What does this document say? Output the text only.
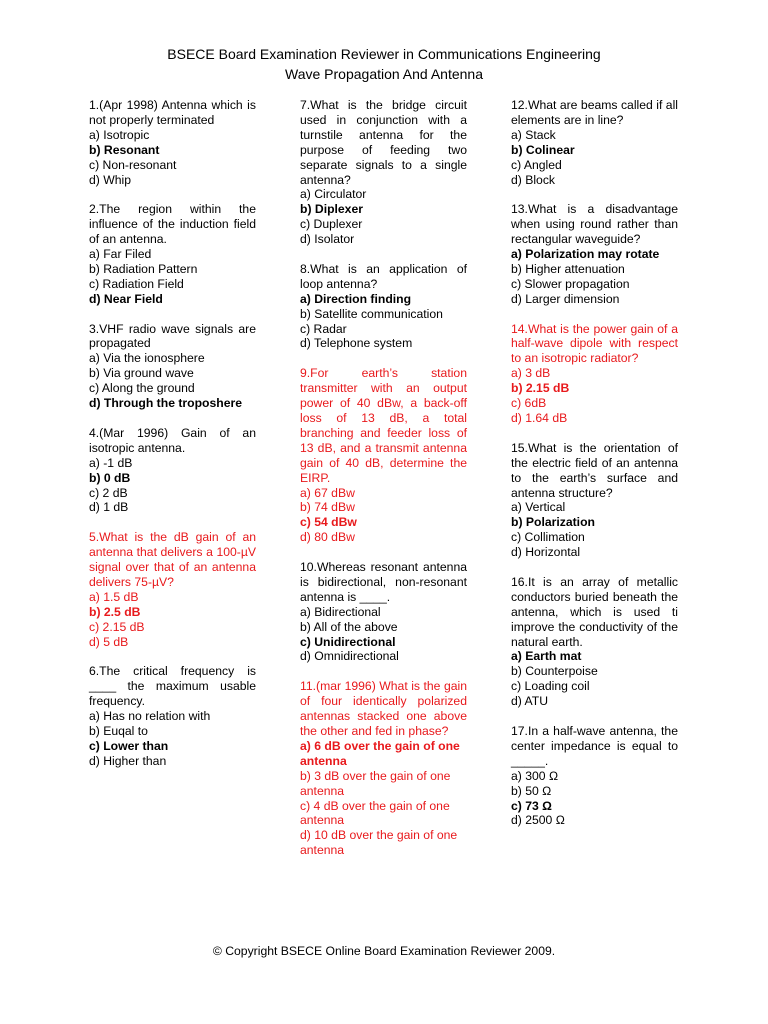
BSECE Board Examination Reviewer in Communications Engineering
Wave Propagation And Antenna
1.(Apr 1998) Antenna which is not properly terminated
a) Isotropic
b) Resonant
c) Non-resonant
d) Whip
2.The region within the influence of the induction field of an antenna.
a) Far Filed
b) Radiation Pattern
c) Radiation Field
d) Near Field
3.VHF radio wave signals are propagated
a) Via the ionosphere
b) Via ground wave
c) Along the ground
d) Through the troposhere
4.(Mar 1996) Gain of an isotropic antenna.
a) -1 dB
b) 0 dB
c) 2 dB
d) 1 dB
5.What is the dB gain of an antenna that delivers a 100-µV signal over that of an antenna delivers 75-µV?
a) 1.5 dB
b) 2.5 dB
c) 2.15 dB
d) 5 dB
6.The critical frequency is ____ the maximum usable frequency.
a) Has no relation with
b) Euqal to
c) Lower than
d) Higher than
7.What is the bridge circuit used in conjunction with a turnstile antenna for the purpose of feeding two separate signals to a single antenna?
a) Circulator
b) Diplexer
c) Duplexer
d) Isolator
8.What is an application of loop antenna?
a) Direction finding
b) Satellite communication
c) Radar
d) Telephone system
9.For earth’s station transmitter with an output power of 40 dBw, a back-off loss of 13 dB, a total branching and feeder loss of 13 dB, and a transmit antenna gain of 40 dB, determine the EIRP.
a) 67 dBw
b) 74 dBw
c) 54 dBw
d) 80 dBw
10.Whereas resonant antenna is bidirectional, non-resonant antenna is ____.
a) Bidirectional
b) All of the above
c) Unidirectional
d) Omnidirectional
11.(mar 1996) What is the gain of four identically polarized antennas stacked one above the other and fed in phase?
a) 6 dB over the gain of one antenna
b) 3 dB over the gain of one antenna
c) 4 dB over the gain of one antenna
d) 10 dB over the gain of one antenna
12.What are beams called if all elements are in line?
a) Stack
b) Colinear
c) Angled
d) Block
13.What is a disadvantage when using round rather than rectangular waveguide?
a) Polarization may rotate
b) Higher attenuation
c) Slower propagation
d) Larger dimension
14.What is the power gain of a half-wave dipole with respect to an isotropic radiator?
a) 3 dB
b) 2.15 dB
c) 6dB
d) 1.64 dB
15.What is the orientation of the electric field of an antenna to the earth’s surface and antenna structure?
a) Vertical
b) Polarization
c) Collimation
d) Horizontal
16.It is an array of metallic conductors buried beneath the antenna, which is used ti improve the conductivity of the natural earth.
a) Earth mat
b) Counterpoise
c) Loading coil
d) ATU
17.In a half-wave antenna, the center impedance is equal to _____.
a) 300 Ω
b) 50 Ω
c) 73 Ω
d) 2500 Ω
© Copyright BSECE Online Board Examination Reviewer 2009.
